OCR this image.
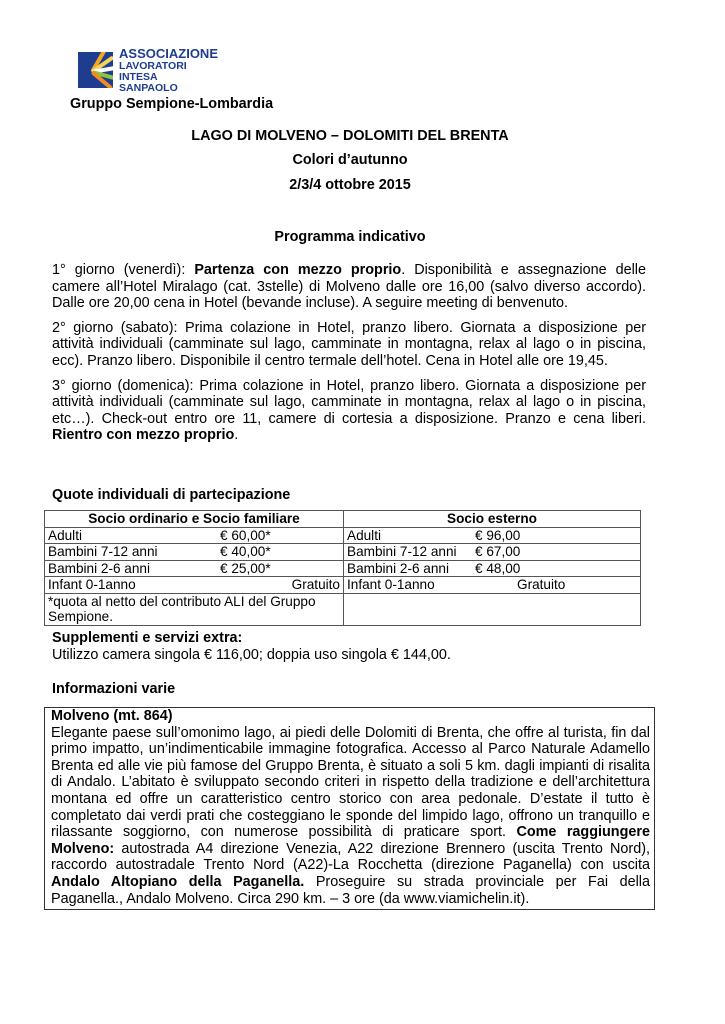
ASSOCIAZIONE
LAVORATORI
INTESA SANPAOLO
Gruppo Sempione-Lombardia
LAGO DI MOLVENO – DOLOMITI DEL BRENTA
Colori d’autunno
2/3/4 ottobre 2015
Programma indicativo

1° giorno (venerdì): Partenza con mezzo proprio. Disponibilità e assegnazione delle camere all’Hotel Miralago (cat. 3stelle) di Molveno dalle ore 16,00 (salvo diverso accordo). Dalle ore 20,00 cena in Hotel (bevande incluse). A seguire meeting di benvenuto.

2° giorno (sabato): Prima colazione in Hotel, pranzo libero. Giornata a disposizione per attività individuali (camminate sul lago, camminate in montagna, relax al lago o in piscina, ecc). Pranzo libero. Disponibile il centro termale dell’hotel. Cena in Hotel alle ore 19,45.

3° giorno (domenica): Prima colazione in Hotel, pranzo libero. Giornata a disposizione per attività individuali (camminate sul lago, camminate in montagna, relax al lago o in piscina, etc…). Check-out entro ore 11, camere di cortesia a disposizione. Pranzo e cena liberi. Rientro con mezzo proprio.

Quote individuali di partecipazione
Socio ordinario e Socio familiare	Socio esterno

Adulti € 60,00*	Adulti € 96,00

Bambini 7-12 anni € 40,00*	Bambini 7-12 anni € 67,00

Bambini 2-6 anni € 25,00*	Bambini 2-6 anni € 48,00

Infant 0-1anno Gratuito	Infant 0-1anno Gratuito

*quota al netto del contributo ALI del Gruppo Sempione.	
Supplementi e servizi extra:
Utilizzo camera singola € 116,00; doppia uso singola € 144,00.
Informazioni varie
Molveno (mt. 864)
Elegante paese sull’omonimo lago, ai piedi delle Dolomiti di Brenta, che offre al turista, fin dal primo impatto, un’indimenticabile immagine fotografica. Accesso al Parco Naturale Adamello Brenta ed alle vie più famose del Gruppo Brenta, è situato a soli 5 km. dagli impianti di risalita di Andalo. L’abitato è sviluppato secondo criteri in rispetto della tradizione e dell’architettura montana ed offre un caratteristico centro storico con area pedonale. D’estate il tutto è completato dai verdi prati che costeggiano le sponde del limpido lago, offrono un tranquillo e rilassante soggiorno, con numerose possibilità di praticare sport. Come raggiungere Molveno: autostrada A4 direzione Venezia, A22 direzione Brennero (uscita Trento Nord), raccordo autostradale Trento Nord (A22)-La Rocchetta (direzione Paganella) con uscita Andalo Altopiano della Paganella. Proseguire su strada provinciale per Fai della Paganella., Andalo Molveno. Circa 290 km. – 3 ore (da www.viamichelin.it).
